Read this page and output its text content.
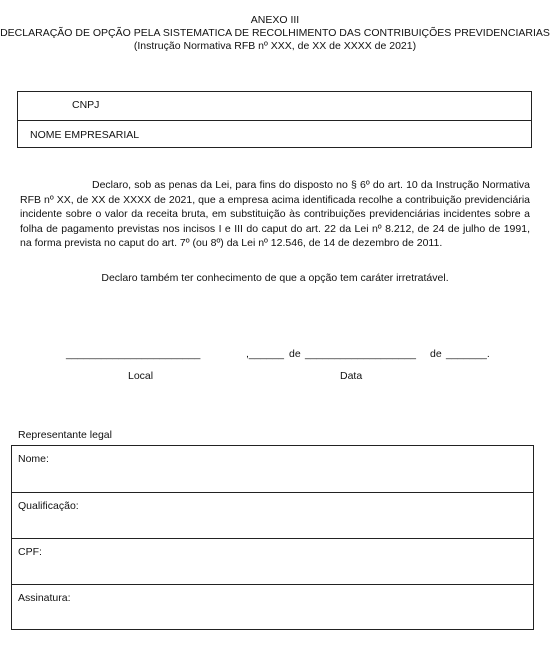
ANEXO III
DECLARAÇÃO DE OPÇÃO PELA SISTEMATICA DE RECOLHIMENTO DAS CONTRIBUIÇÕES PREVIDENCIARIAS
(Instrução Normativa RFB nº XXX, de XX de XXXX de 2021)
CNPJ
NOME EMPRESARIAL

Declaro, sob as penas da Lei, para fins do disposto no § 6º do art. 10 da Instrução Normativa RFB nº XX, de XX de XXXX de 2021, que a empresa acima identificada recolhe a contribuição previdenciária incidente sobre o valor da receita bruta, em substituição às contribuições previdenciárias incidentes sobre a folha de pagamento previstas nos incisos I e III do caput do art. 22 da Lei nº 8.212, de 24 de julho de 1991, na forma prevista no caput do art. 7º (ou 8º) da Lei nº 12.546, de 14 de dezembro de 2011.

Declaro também ter conhecimento de que a opção tem caráter irretratável.

_______________________	,______ de ___________________ de _______.
Local	Data
Representante legal
Nome:
Qualificação:
CPF:
Assinatura:
